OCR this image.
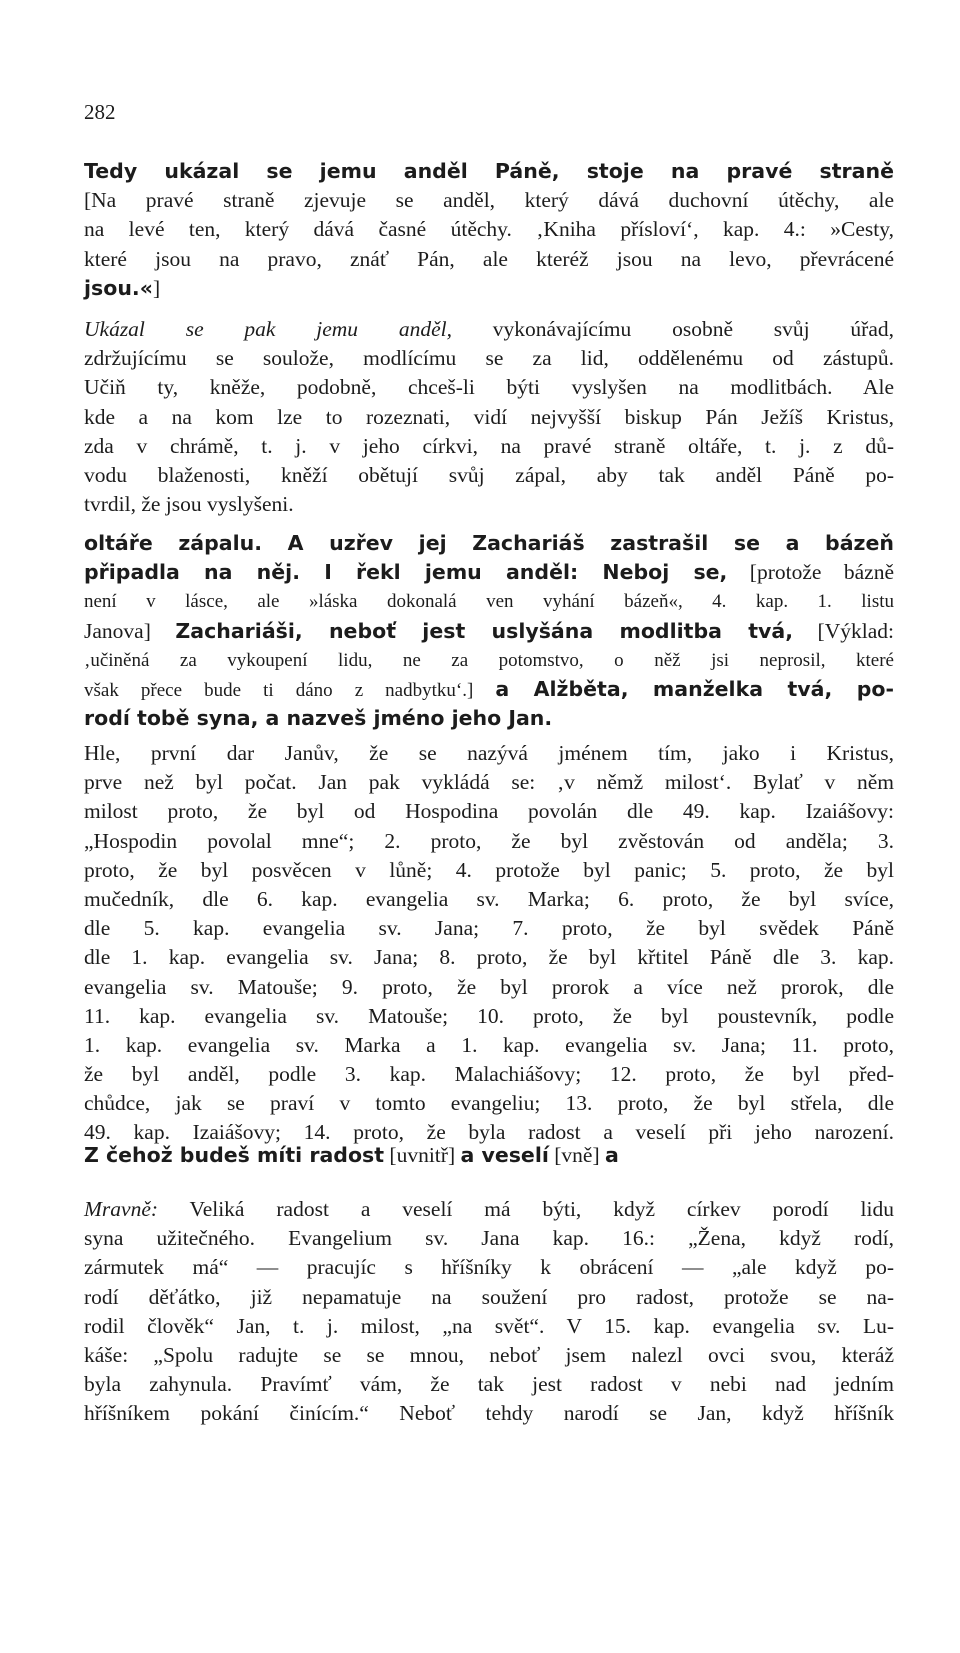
282
Tedy ukázal se jemu anděl Páně, stoje na pravé straně
[Na pravé straně zjevuje se anděl, který dává duchovní útěchy, ale
na levé ten, který dává časné útěchy. ‚Kniha přísloví‘, kap. 4.: »Cesty,
které jsou na pravo, znáť Pán, ale kteréž jsou na levo, převrácené
jsou.«]
Ukázal se pak jemu anděl, vykonávajícímu osobně svůj úřad,
zdržujícímu se soulože, modlícímu se za lid, oddělenému od zástupů.
Učiň ty, kněže, podobně, chceš-li býti vyslyšen na modlitbách. Ale
kde a na kom lze to rozeznati, vidí nejvyšší biskup Pán Ježíš Kristus,
zda v chrámě, t. j. v jeho církvi, na pravé straně oltáře, t. j. z dů-
vodu blaženosti, kněží obětují svůj zápal, aby tak anděl Páně po-
tvrdil, že jsou vyslyšeni.
oltáře zápalu. A uzřev jej Zachariáš zastrašil se a bázeň
připadla na něj. I řekl jemu anděl: Neboj se, [protože bázně
není v lásce, ale »láska dokonalá ven vyhání bázeň«, 4. kap. 1. listu
Janova] Zachariáši, neboť jest uslyšána modlitba tvá, [Výklad:
‚učiněná za vykoupení lidu, ne za potomstvo, o něž jsi neprosil, které
však přece bude ti dáno z nadbytku‘.] a Alžběta, manželka tvá, po-
rodí tobě syna, a nazveš jméno jeho Jan.
Hle, první dar Janův, že se nazývá jménem tím, jako i Kristus,
prve než byl počat. Jan pak vykládá se: ‚v němž milost‘. Bylať v něm
milost proto, že byl od Hospodina povolán dle 49. kap. Izaiášovy:
„Hospodin povolal mne“; 2. proto, že byl zvěstován od anděla; 3.
proto, že byl posvěcen v lůně; 4. protože byl panic; 5. proto, že byl
mučedník, dle 6. kap. evangelia sv. Marka; 6. proto, že byl svíce,
dle 5. kap. evangelia sv. Jana; 7. proto, že byl svědek Páně
dle 1. kap. evangelia sv. Jana; 8. proto, že byl křtitel Páně dle 3. kap.
evangelia sv. Matouše; 9. proto, že byl prorok a více než prorok, dle
11. kap. evangelia sv. Matouše; 10. proto, že byl poustevník, podle
1. kap. evangelia sv. Marka a 1. kap. evangelia sv. Jana; 11. proto,
že byl anděl, podle 3. kap. Malachiášovy; 12. proto, že byl před-
chůdce, jak se praví v tomto evangeliu; 13. proto, že byl střela, dle
49. kap. Izaiášovy; 14. proto, že byla radost a veselí při jeho narození.
Z čehož budeš míti radost [uvnitř] a veselí [vně] a
Mravně: Veliká radost a veselí má býti, když církev porodí lidu
syna užitečného. Evangelium sv. Jana kap. 16.: „Žena, když rodí,
zármutek má“ — pracujíc s hříšníky k obrácení — „ale když po-
rodí děťátko, již nepamatuje na soužení pro radost, protože se na-
rodil člověk“ Jan, t. j. milost, „na svět“. V 15. kap. evangelia sv. Lu-
káše: „Spolu radujte se se mnou, neboť jsem nalezl ovci svou, kteráž
byla zahynula. Pravímť vám, že tak jest radost v nebi nad jedním
hříšníkem pokání činícím.“ Neboť tehdy narodí se Jan, když hříšník
